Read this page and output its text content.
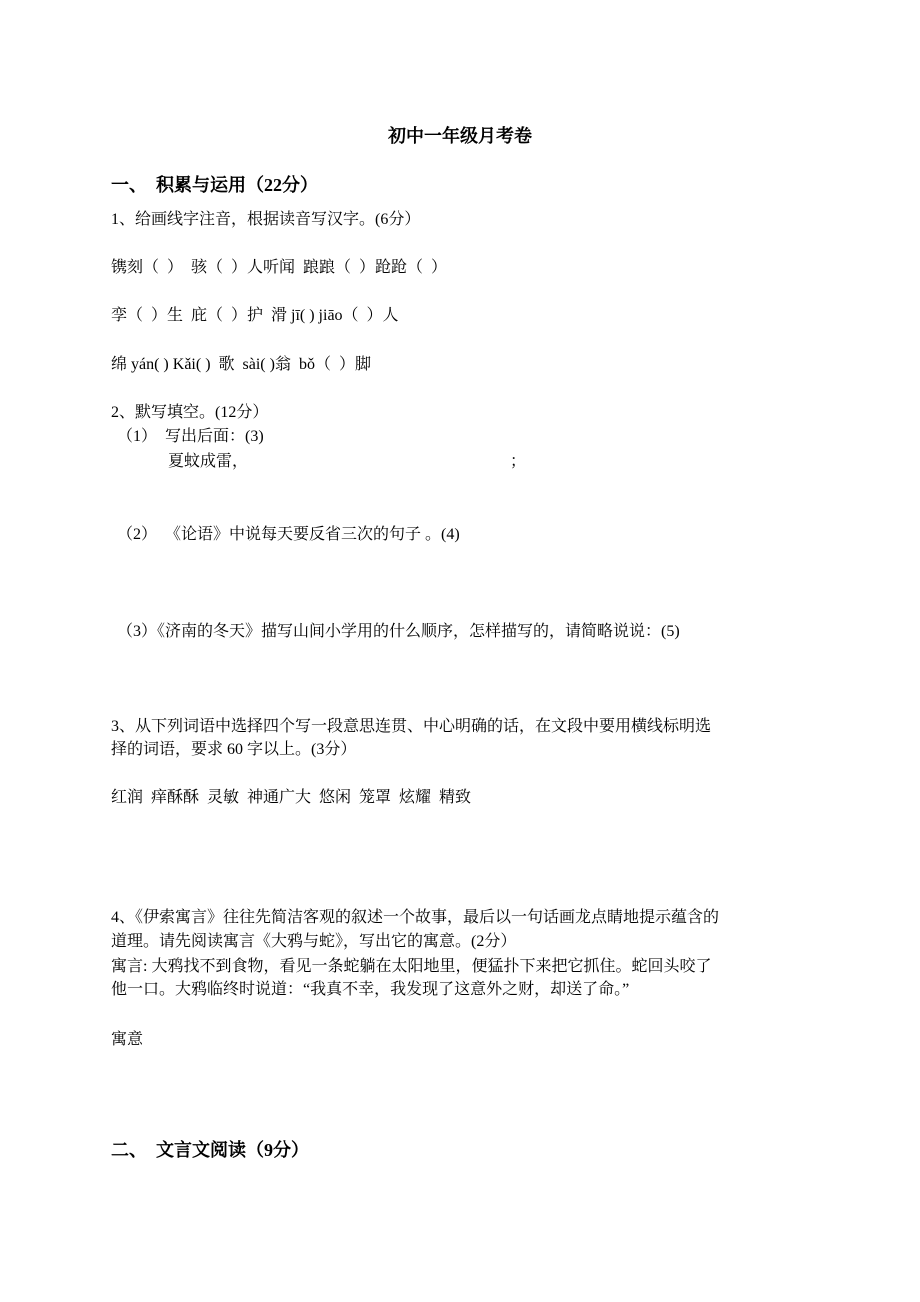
初中一年级月考卷
一、  积累与运用（22分）
1、给画线字注音，根据读音写汉字。(6分）
镌刻（  ）  骇（  ）人听闻  踉踉（  ）跄跄（  ）
孪（  ）生  庇（  ）护  滑 jī( ) jiāo（  ）人
绵 yán( ) Kǎi( )  歌  sài( )翁  bǒ（  ）脚
2、默写填空。(12分）
（1）  写出后面：(3)
夏蚊成雷，	；
（2）  《论语》中说每天要反省三次的句子 。(4)
（3）《济南的冬天》描写山间小学用的什么顺序，怎样描写的，请简略说说：(5)
3、从下列词语中选择四个写一段意思连贯、中心明确的话，在文段中要用横线标明选
择的词语，要求 60 字以上。(3分）
红润  痒酥酥  灵敏  神通广大  悠闲  笼罩  炫耀  精致
4、《伊索寓言》往往先简洁客观的叙述一个故事，最后以一句话画龙点睛地提示蕴含的
道理。请先阅读寓言《大鸦与蛇》，写出它的寓意。(2分）
寓言: 大鸦找不到食物，看见一条蛇躺在太阳地里，便猛扑下来把它抓住。蛇回头咬了
他一口。大鸦临终时说道：“我真不幸，我发现了这意外之财，却送了命。”
寓意
二、  文言文阅读（9分）
